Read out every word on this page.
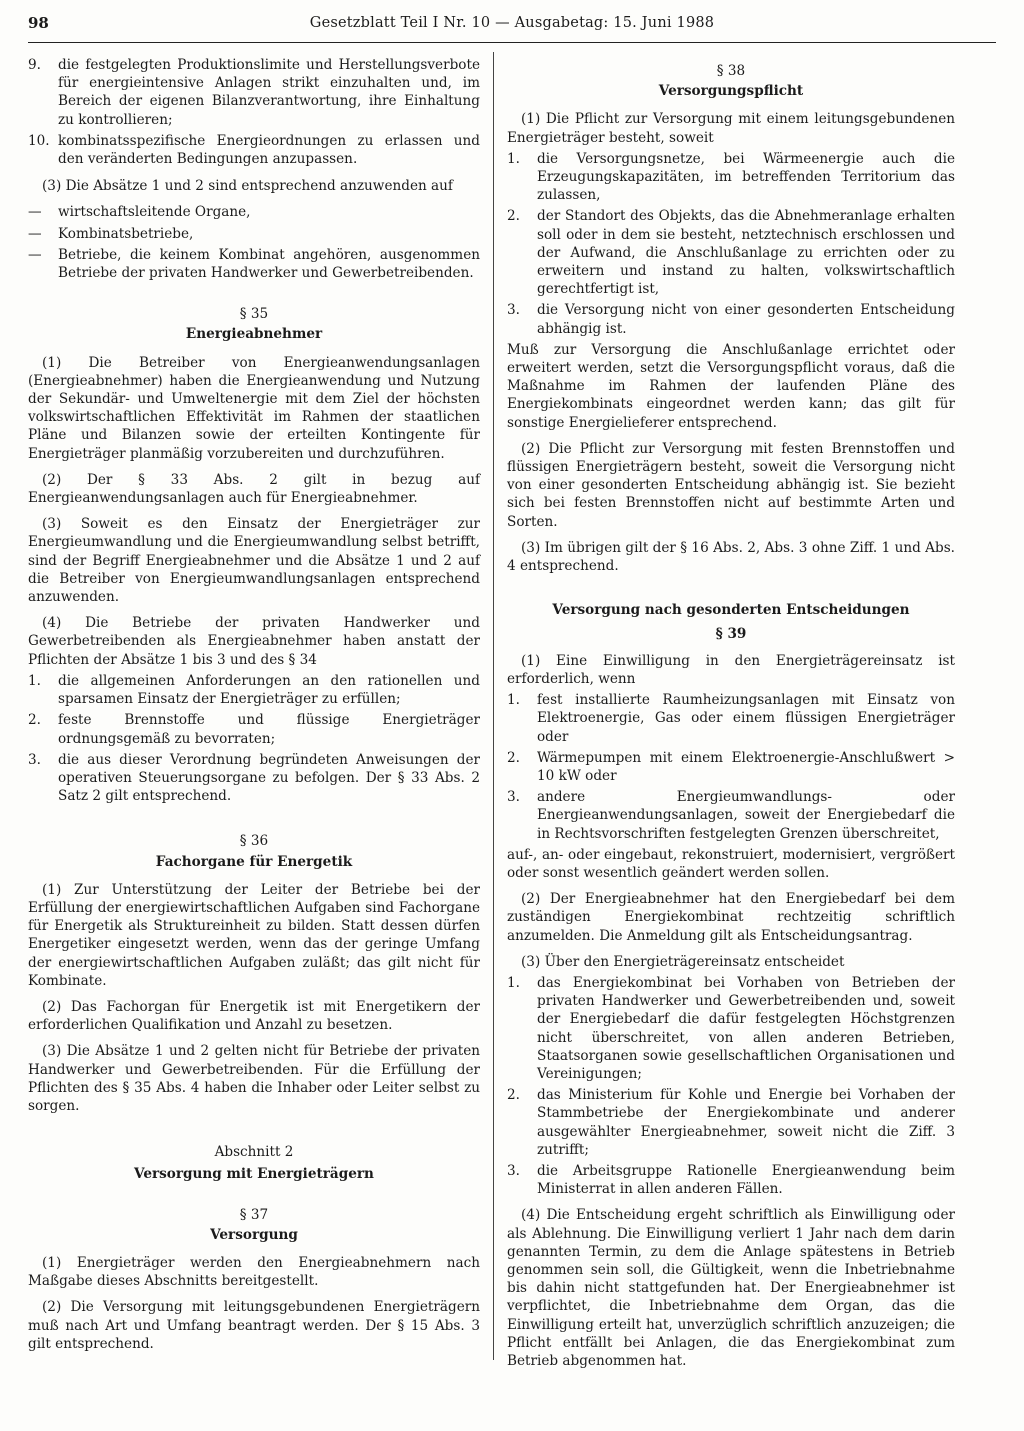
98	Gesetzblatt Teil I Nr. 10 — Ausgabetag: 15. Juni 1988
9.	die festgelegten Produktionslimite und Herstellungsverbote für energieintensive Anlagen strikt einzuhalten und, im Bereich der eigenen Bilanzverantwortung, ihre Einhaltung zu kontrollieren;
10. kombinatsspezifische Energieordnungen zu erlassen und den veränderten Bedingungen anzupassen.

(3) Die Absätze 1 und 2 sind entsprechend anzuwenden auf

—	wirtschaftsleitende Organe,
—	Kombinatsbetriebe,
—	Betriebe, die keinem Kombinat angehören, ausgenommen Betriebe der privaten Handwerker und Gewerbetreibenden.
§ 35
Energieabnehmer

(1) Die Betreiber von Energieanwendungsanlagen (Energieabnehmer) haben die Energieanwendung und Nutzung der Sekundär- und Umweltenergie mit dem Ziel der höchsten volkswirtschaftlichen Effektivität im Rahmen der staatlichen Pläne und Bilanzen sowie der erteilten Kontingente für Energieträger planmäßig vorzubereiten und durchzuführen.

(2) Der § 33 Abs. 2 gilt in bezug auf Energieanwendungsanlagen auch für Energieabnehmer.

(3) Soweit es den Einsatz der Energieträger zur Energieumwandlung und die Energieumwandlung selbst betrifft, sind der Begriff Energieabnehmer und die Absätze 1 und 2 auf die Betreiber von Energieumwandlungsanlagen entsprechend anzuwenden.

(4) Die Betriebe der privaten Handwerker und Gewerbetreibenden als Energieabnehmer haben anstatt der Pflichten der Absätze 1 bis 3 und des § 34

1.	die allgemeinen Anforderungen an den rationellen und sparsamen Einsatz der Energieträger zu erfüllen;
2.	feste Brennstoffe und flüssige Energieträger ordnungsgemäß zu bevorraten;
3.	die aus dieser Verordnung begründeten Anweisungen der operativen Steuerungsorgane zu befolgen. Der § 33 Abs. 2 Satz 2 gilt entsprechend.
§ 36
Fachorgane für Energetik

(1) Zur Unterstützung der Leiter der Betriebe bei der Erfüllung der energiewirtschaftlichen Aufgaben sind Fachorgane für Energetik als Struktureinheit zu bilden. Statt dessen dürfen Energetiker eingesetzt werden, wenn das der geringe Umfang der energiewirtschaftlichen Aufgaben zuläßt; das gilt nicht für Kombinate.

(2) Das Fachorgan für Energetik ist mit Energetikern der erforderlichen Qualifikation und Anzahl zu besetzen.

(3) Die Absätze 1 und 2 gelten nicht für Betriebe der privaten Handwerker und Gewerbetreibenden. Für die Erfüllung der Pflichten des § 35 Abs. 4 haben die Inhaber oder Leiter selbst zu sorgen.

Abschnitt 2
Versorgung mit Energieträgern
§ 37
Versorgung

(1) Energieträger werden den Energieabnehmern nach Maßgabe dieses Abschnitts bereitgestellt.

(2) Die Versorgung mit leitungsgebundenen Energieträgern muß nach Art und Umfang beantragt werden. Der § 15 Abs. 3 gilt entsprechend.

§ 38
Versorgungspflicht

(1) Die Pflicht zur Versorgung mit einem leitungsgebundenen Energieträger besteht, soweit

1.	die Versorgungsnetze, bei Wärmeenergie auch die Erzeugungskapazitäten, im betreffenden Territorium das zulassen,
2.	der Standort des Objekts, das die Abnehmeranlage erhalten soll oder in dem sie besteht, netztechnisch erschlossen und der Aufwand, die Anschlußanlage zu errichten oder zu erweitern und instand zu halten, volkswirtschaftlich gerechtfertigt ist,
3.	die Versorgung nicht von einer gesonderten Entscheidung abhängig ist.

Muß zur Versorgung die Anschlußanlage errichtet oder erweitert werden, setzt die Versorgungspflicht voraus, daß die Maßnahme im Rahmen der laufenden Pläne des Energiekombinats eingeordnet werden kann; das gilt für sonstige Energielieferer entsprechend.

(2) Die Pflicht zur Versorgung mit festen Brennstoffen und flüssigen Energieträgern besteht, soweit die Versorgung nicht von einer gesonderten Entscheidung abhängig ist. Sie bezieht sich bei festen Brennstoffen nicht auf bestimmte Arten und Sorten.

(3) Im übrigen gilt der § 16 Abs. 2, Abs. 3 ohne Ziff. 1 und Abs. 4 entsprechend.

Versorgung nach gesonderten Entscheidungen
§ 39

(1) Eine Einwilligung in den Energieträgereinsatz ist erforderlich, wenn

1.	fest installierte Raumheizungsanlagen mit Einsatz von Elektroenergie, Gas oder einem flüssigen Energieträger oder
2.	Wärmepumpen mit einem Elektroenergie-Anschlußwert > 10 kW oder
3.	andere Energieumwandlungs- oder Energieanwendungsanlagen, soweit der Energiebedarf die in Rechtsvorschriften festgelegten Grenzen überschreitet,

auf-, an- oder eingebaut, rekonstruiert, modernisiert, vergrößert oder sonst wesentlich geändert werden sollen.

(2) Der Energieabnehmer hat den Energiebedarf bei dem zuständigen Energiekombinat rechtzeitig schriftlich anzumelden. Die Anmeldung gilt als Entscheidungsantrag.

(3) Über den Energieträgereinsatz entscheidet

1.	das Energiekombinat bei Vorhaben von Betrieben der privaten Handwerker und Gewerbetreibenden und, soweit der Energiebedarf die dafür festgelegten Höchstgrenzen nicht überschreitet, von allen anderen Betrieben, Staatsorganen sowie gesellschaftlichen Organisationen und Vereinigungen;
2.	das Ministerium für Kohle und Energie bei Vorhaben der Stammbetriebe der Energiekombinate und anderer ausgewählter Energieabnehmer, soweit nicht die Ziff. 3 zutrifft;
3.	die Arbeitsgruppe Rationelle Energieanwendung beim Ministerrat in allen anderen Fällen.

(4) Die Entscheidung ergeht schriftlich als Einwilligung oder als Ablehnung. Die Einwilligung verliert 1 Jahr nach dem darin genannten Termin, zu dem die Anlage spätestens in Betrieb genommen sein soll, die Gültigkeit, wenn die Inbetriebnahme bis dahin nicht stattgefunden hat. Der Energieabnehmer ist verpflichtet, die Inbetriebnahme dem Organ, das die Einwilligung erteilt hat, unverzüglich schriftlich anzuzeigen; die Pflicht entfällt bei Anlagen, die das Energiekombinat zum Betrieb abgenommen hat.
